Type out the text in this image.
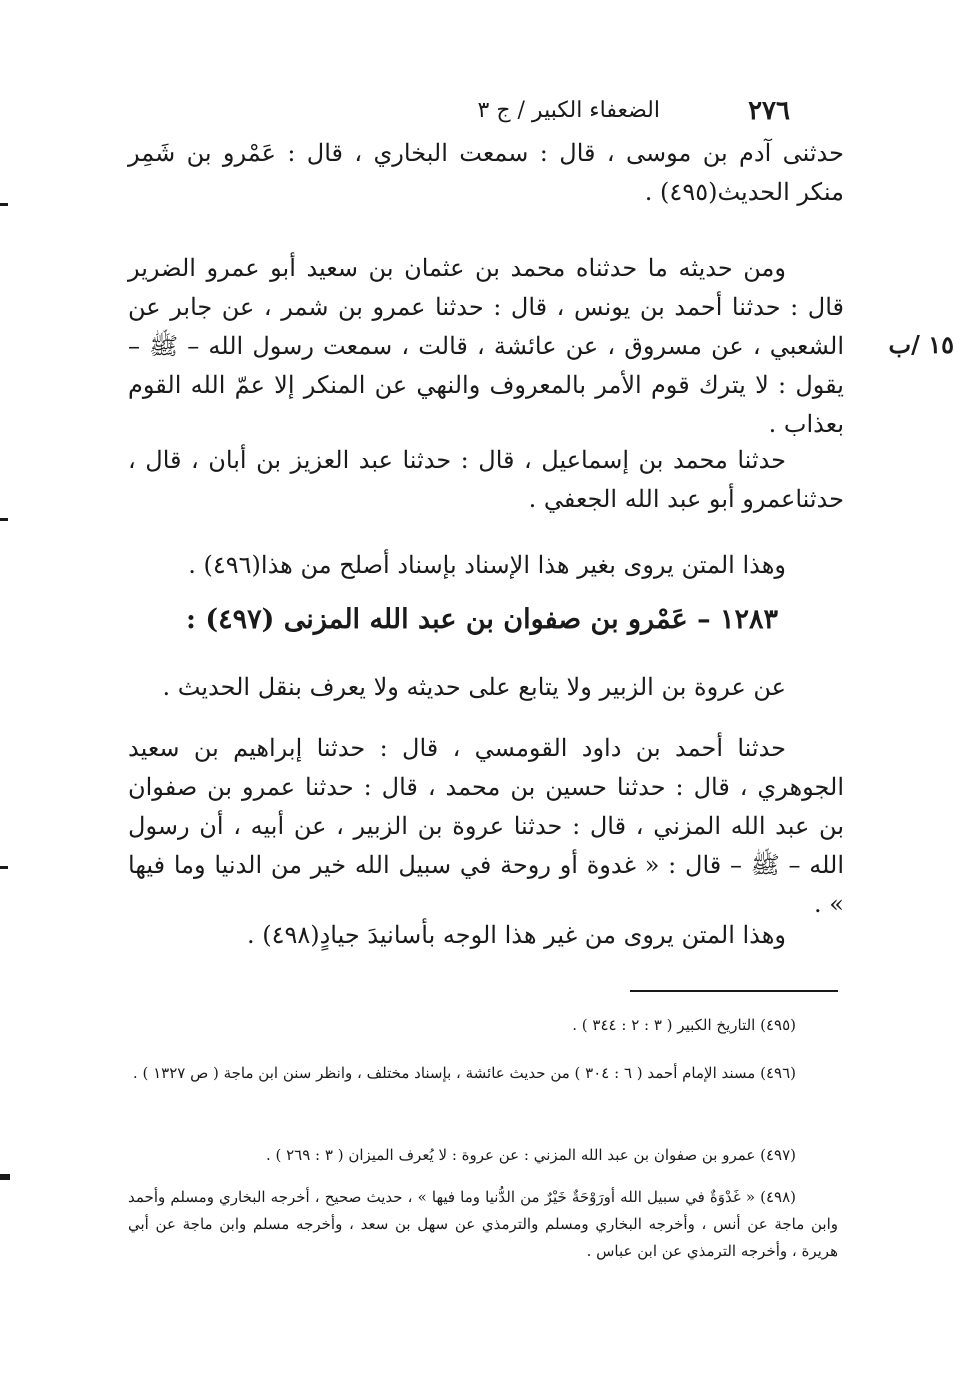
٢٧٦
الضعفاء الكبير / ج ٣
١٥ /ب
حدثنى آدم بن موسى ، قال : سمعت البخاري ، قال : عَمْرو بن شَمِر منكر الحديث(٤٩٥) .
ومن حديثه ما حدثناه محمد بن عثمان بن سعيد أبو عمرو الضرير قال : حدثنا أحمد بن يونس ، قال : حدثنا عمرو بن شمر ، عن جابر عن الشعبي ، عن مسروق ، عن عائشة ، قالت ، سمعت رسول الله – ﷺ – يقول : لا يترك قوم الأمر بالمعروف والنهي عن المنكر إلا عمّ الله القوم بعذاب .
حدثنا محمد بن إسماعيل ، قال : حدثنا عبد العزيز بن أبان ، قال ، حدثناعمرو أبو عبد الله الجعفي .
وهذا المتن يروى بغير هذا الإسناد بإسناد أصلح من هذا(٤٩٦) .
١٢٨٣ – عَمْرو بن صفوان بن عبد الله المزنى (٤٩٧) :
عن عروة بن الزبير ولا يتابع على حديثه ولا يعرف بنقل الحديث .
حدثنا أحمد بن داود القومسي ، قال : حدثنا إبراهيم بن سعيد الجوهري ، قال : حدثنا حسين بن محمد ، قال : حدثنا عمرو بن صفوان بن عبد الله المزني ، قال : حدثنا عروة بن الزبير ، عن أبيه ، أن رسول الله – ﷺ – قال : « غدوة أو روحة في سبيل الله خير من الدنيا وما فيها » .
وهذا المتن يروى من غير هذا الوجه بأسانيدَ جيادٍ(٤٩٨) .
(٤٩٥) التاريخ الكبير ( ٣ : ٢ : ٣٤٤ ) .
(٤٩٦) مسند الإمام أحمد ( ٦ : ٣٠٤ ) من حديث عائشة ، بإسناد مختلف ، وانظر سنن ابن ماجة ( ص ١٣٢٧ ) .
(٤٩٧) عمرو بن صفوان بن عبد الله المزني : عن عروة : لا يُعرف الميزان ( ٣ : ٢٦٩ ) .
(٤٩٨) « غَدْوَةٌ في سبيل الله أورَوْحَةٌ خَيْرٌ من الدُّنيا وما فيها » ، حديث صحيح ، أخرجه البخاري ومسلم وأحمد وابن ماجة عن أنس ، وأخرجه البخاري ومسلم والترمذي عن سهل بن سعد ، وأخرجه مسلم وابن ماجة عن أبي هريرة ، وأخرجه الترمذي عن ابن عباس .
